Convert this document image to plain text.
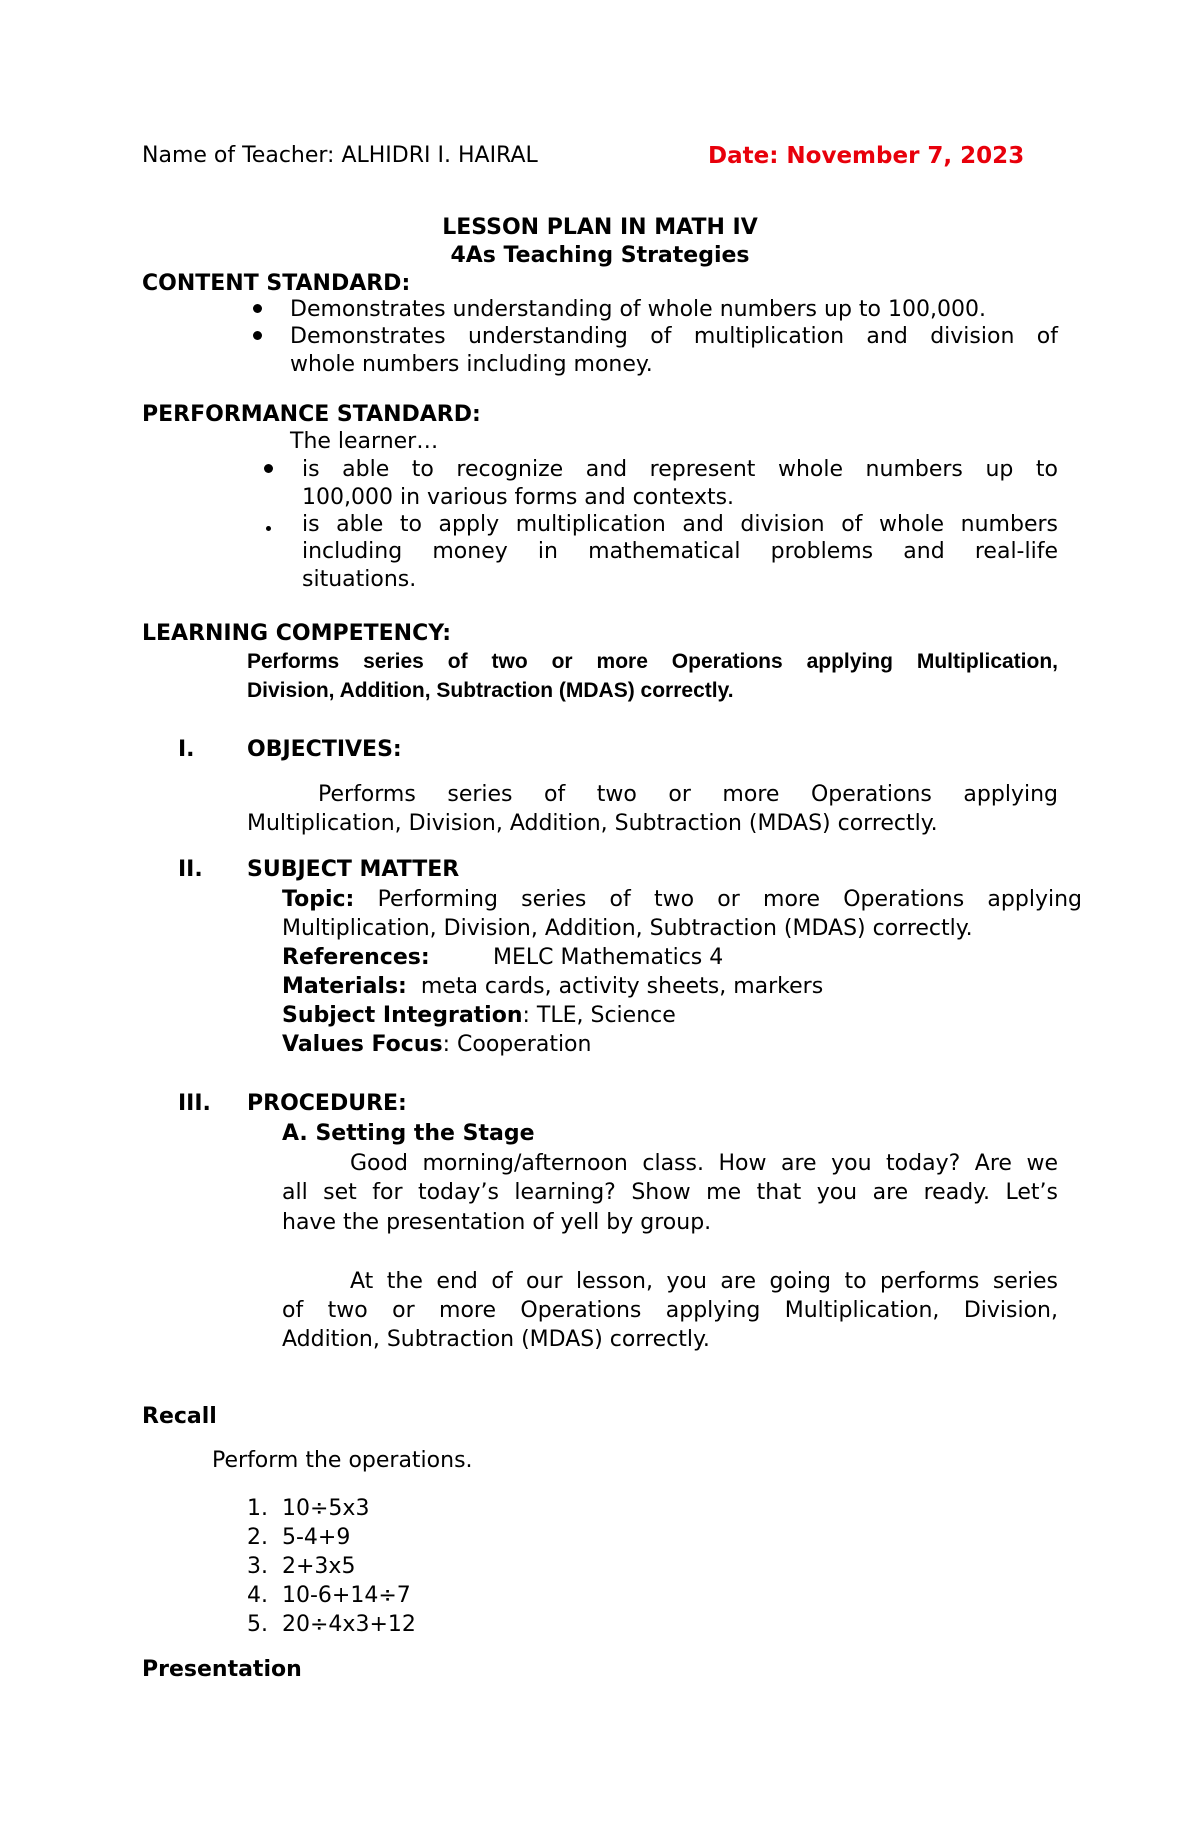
Name of Teacher: ALHIDRI I. HAIRAL	Date: November 7, 2023
LESSON PLAN IN MATH IV
4As Teaching Strategies
CONTENT STANDARD:
Demonstrates understanding of whole numbers up to 100,000.
Demonstrates understanding of multiplication and division of
whole numbers including money.
PERFORMANCE STANDARD:
The learner…
is able to recognize and represent whole numbers up to
100,000 in various forms and contexts.
is able to apply multiplication and division of whole numbers
including money in mathematical problems and real-life
situations.
LEARNING COMPETENCY:
Performs series of two or more Operations applying Multiplication,
Division, Addition, Subtraction (MDAS) correctly.
I. OBJECTIVES:
Performs series of two or more Operations applying
Multiplication, Division, Addition, Subtraction (MDAS) correctly.
II. SUBJECT MATTER
Topic: Performing series of two or more Operations applying
Multiplication, Division, Addition, Subtraction (MDAS) correctly.
References:	MELC Mathematics 4
Materials: meta cards, activity sheets, markers
Subject Integration: TLE, Science
Values Focus: Cooperation
III. PROCEDURE:
A. Setting the Stage
Good morning/afternoon class. How are you today? Are we
all set for today’s learning? Show me that you are ready. Let’s
have the presentation of yell by group.
At the end of our lesson, you are going to performs series
of two or more Operations applying Multiplication, Division,
Addition, Subtraction (MDAS) correctly.
Recall
Perform the operations.
1. 10÷5x3
2. 5-4+9
3. 2+3x5
4. 10-6+14÷7
5. 20÷4x3+12
Presentation
